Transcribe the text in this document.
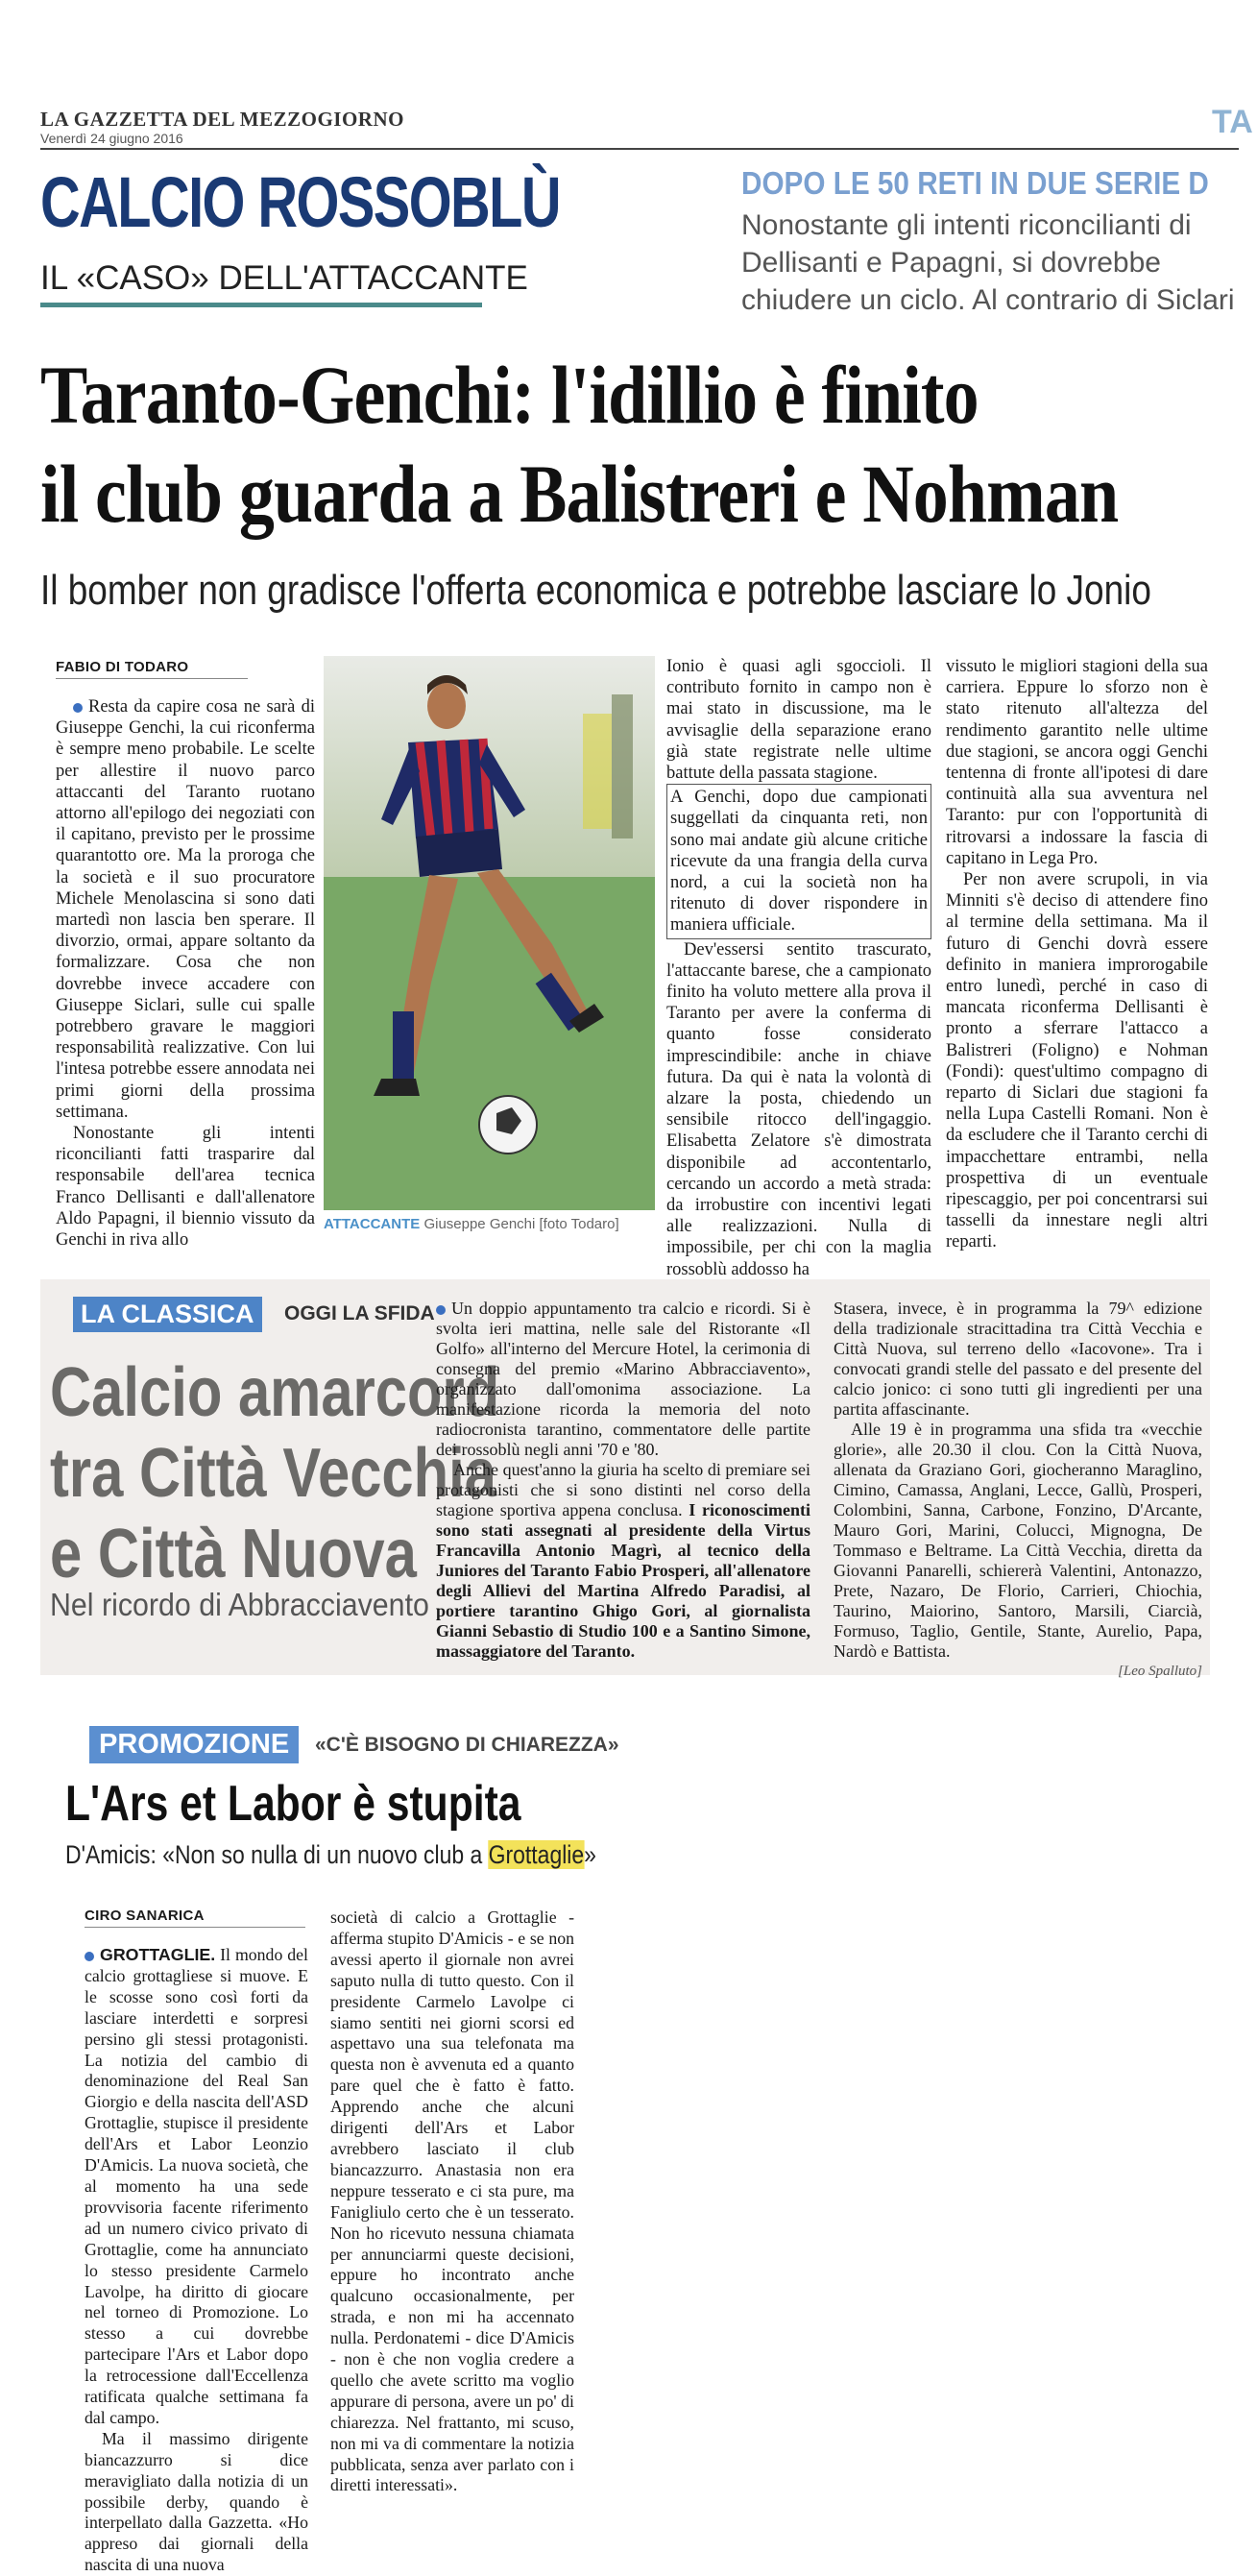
LA GAZZETTA DEL MEZZOGIORNO
Venerdì 24 giugno 2016	TA
CALCIO ROSSOBLÙ
IL «CASO» DELL'ATTACCANTE
DOPO LE 50 RETI IN DUE SERIE D
Nonostante gli intenti riconcilianti di Dellisanti e Papagni, si dovrebbe chiudere un ciclo. Al contrario di Siclari
Taranto-Genchi: l'idillio è finito
il club guarda a Balistreri e Nohman
Il bomber non gradisce l'offerta economica e potrebbe lasciare lo Jonio
FABIO DI TODARO

Resta da capire cosa ne sarà di Giuseppe Genchi, la cui riconferma è sempre meno probabile. Le scelte per allestire il nuovo parco attaccanti del Taranto ruotano attorno all'epilogo dei negoziati con il capitano, previsto per le prossime quarantotto ore. Ma la proroga che la società e il suo procuratore Michele Menolascina si sono dati martedì non lascia ben sperare. Il divorzio, ormai, appare soltanto da formalizzare. Cosa che non dovrebbe invece accadere con Giuseppe Siclari, sulle cui spalle potrebbero gravare le maggiori responsabilità realizzative. Con lui l'intesa potrebbe essere annodata nei primi giorni della prossima settimana.

Nonostante gli intenti riconcilianti fatti trasparire dal responsabile dell'area tecnica Franco Dellisanti e dall'allenatore Aldo Papagni, il biennio vissuto da Genchi in riva allo

ATTACCANTE Giuseppe Genchi [foto Todaro]

Ionio è quasi agli sgoccioli. Il contributo fornito in campo non è mai stato in discussione, ma le avvisaglie della separazione erano già state registrate nelle ultime battute della passata stagione.

A Genchi, dopo due campionati suggellati da cinquanta reti, non sono mai andate giù alcune critiche ricevute da una frangia della curva nord, a cui la società non ha ritenuto di dover rispondere in maniera ufficiale.

Dev'essersi sentito trascurato, l'attaccante barese, che a campionato finito ha voluto mettere alla prova il Taranto per avere la conferma di quanto fosse considerato imprescindibile: anche in chiave futura. Da qui è nata la volontà di alzare la posta, chiedendo un sensibile ritocco dell'ingaggio. Elisabetta Zelatore s'è dimostrata disponibile ad accontentarlo, cercando un accordo a metà strada: da irrobustire con incentivi legati alle realizzazioni. Nulla di impossibile, per chi con la maglia rossoblù addosso ha

vissuto le migliori stagioni della sua carriera. Eppure lo sforzo non è stato ritenuto all'altezza del rendimento garantito nelle ultime due stagioni, se ancora oggi Genchi tentenna di fronte all'ipotesi di dare continuità alla sua avventura nel Taranto: pur con l'opportunità di ritrovarsi a indossare la fascia di capitano in Lega Pro.

Per non avere scrupoli, in via Minniti s'è deciso di attendere fino al termine della settimana. Ma il futuro di Genchi dovrà essere definito in maniera improrogabile entro lunedì, perché in caso di mancata riconferma Dellisanti è pronto a sferrare l'attacco a Balistreri (Foligno) e Nohman (Fondi): quest'ultimo compagno di reparto di Siclari due stagioni fa nella Lupa Castelli Romani. Non è da escludere che il Taranto cerchi di impacchettare entrambi, nella prospettiva di un eventuale ripescaggio, per poi concentrarsi sui tasselli da innestare negli altri reparti.

LA CLASSICA	OGGI LA SFIDA
Calcio amarcord
tra Città Vecchia
e Città Nuova
Nel ricordo di Abbracciavento

Un doppio appuntamento tra calcio e ricordi. Si è svolta ieri mattina, nelle sale del Ristorante «Il Golfo» all'interno del Mercure Hotel, la cerimonia di consegna del premio «Marino Abbracciavento», organizzato dall'omonima associazione. La manifestazione ricorda la memoria del noto radiocronista tarantino, commentatore delle partite dei rossoblù negli anni '70 e '80.

Anche quest'anno la giuria ha scelto di premiare sei protagonisti che si sono distinti nel corso della stagione sportiva appena conclusa. I riconoscimenti sono stati assegnati al presidente della Virtus Francavilla Antonio Magrì, al tecnico della Juniores del Taranto Fabio Prosperi, all'allenatore degli Allievi del Martina Alfredo Paradisi, al portiere tarantino Ghigo Gori, al giornalista Gianni Sebastio di Studio 100 e a Santino Simone, massaggiatore del Taranto.

Stasera, invece, è in programma la 79^ edizione della tradizionale stracittadina tra Città Vecchia e Città Nuova, sul terreno dello «Iacovone». Tra i convocati grandi stelle del passato e del presente del calcio jonico: ci sono tutti gli ingredienti per una partita affascinante.

Alle 19 è in programma una sfida tra «vecchie glorie», alle 20.30 il clou. Con la Città Nuova, allenata da Graziano Gori, giocheranno Maraglino, Cimino, Camassa, Anglani, Lecce, Gallù, Prosperi, Colombini, Sanna, Carbone, Fonzino, D'Arcante, Mauro Gori, Marini, Colucci, Mignogna, De Tommaso e Beltrame. La Città Vecchia, diretta da Giovanni Panarelli, schiererà Valentini, Antonazzo, Prete, Nazaro, De Florio, Carrieri, Chiochia, Taurino, Maiorino, Santoro, Marsili, Ciarcià, Formuso, Taglio, Gentile, Stante, Aurelio, Papa, Nardò e Battista.

[Leo Spalluto]
PROMOZIONE	«C'È BISOGNO DI CHIAREZZA»
L'Ars et Labor è stupita
D'Amicis: «Non so nulla di un nuovo club a Grottaglie»
CIRO SANARICA

GROTTAGLIE. Il mondo del calcio grottagliese si muove. E le scosse sono così forti da lasciare interdetti e sorpresi persino gli stessi protagonisti. La notizia del cambio di denominazione del Real San Giorgio e della nascita dell'ASD Grottaglie, stupisce il presidente dell'Ars et Labor Leonzio D'Amicis. La nuova società, che al momento ha una sede provvisoria facente riferimento ad un numero civico privato di Grottaglie, come ha annunciato lo stesso presidente Carmelo Lavolpe, ha diritto di giocare nel torneo di Promozione. Lo stesso a cui dovrebbe partecipare l'Ars et Labor dopo la retrocessione dall'Eccellenza ratificata qualche settimana fa dal campo.

Ma il massimo dirigente biancazzurro si dice meravigliato dalla notizia di un possibile derby, quando è interpellato dalla Gazzetta. «Ho appreso dai giornali della nascita di una nuova

società di calcio a Grottaglie - afferma stupito D'Amicis - e se non avessi aperto il giornale non avrei saputo nulla di tutto questo. Con il presidente Carmelo Lavolpe ci siamo sentiti nei giorni scorsi ed aspettavo una sua telefonata ma questa non è avvenuta ed a quanto pare quel che è fatto è fatto. Apprendo anche che alcuni dirigenti dell'Ars et Labor avrebbero lasciato il club biancazzurro. Anastasia non era neppure tesserato e ci sta pure, ma Fanigliulo certo che è un tesserato. Non ho ricevuto nessuna chiamata per annunciarmi queste decisioni, eppure ho incontrato anche qualcuno occasionalmente, per strada, e non mi ha accennato nulla. Perdonatemi - dice D'Amicis - non è che non voglia credere a quello che avete scritto ma voglio appurare di persona, avere un po' di chiarezza. Nel frattanto, mi scuso, non mi va di commentare la notizia pubblicata, senza aver parlato con i diretti interessati».
